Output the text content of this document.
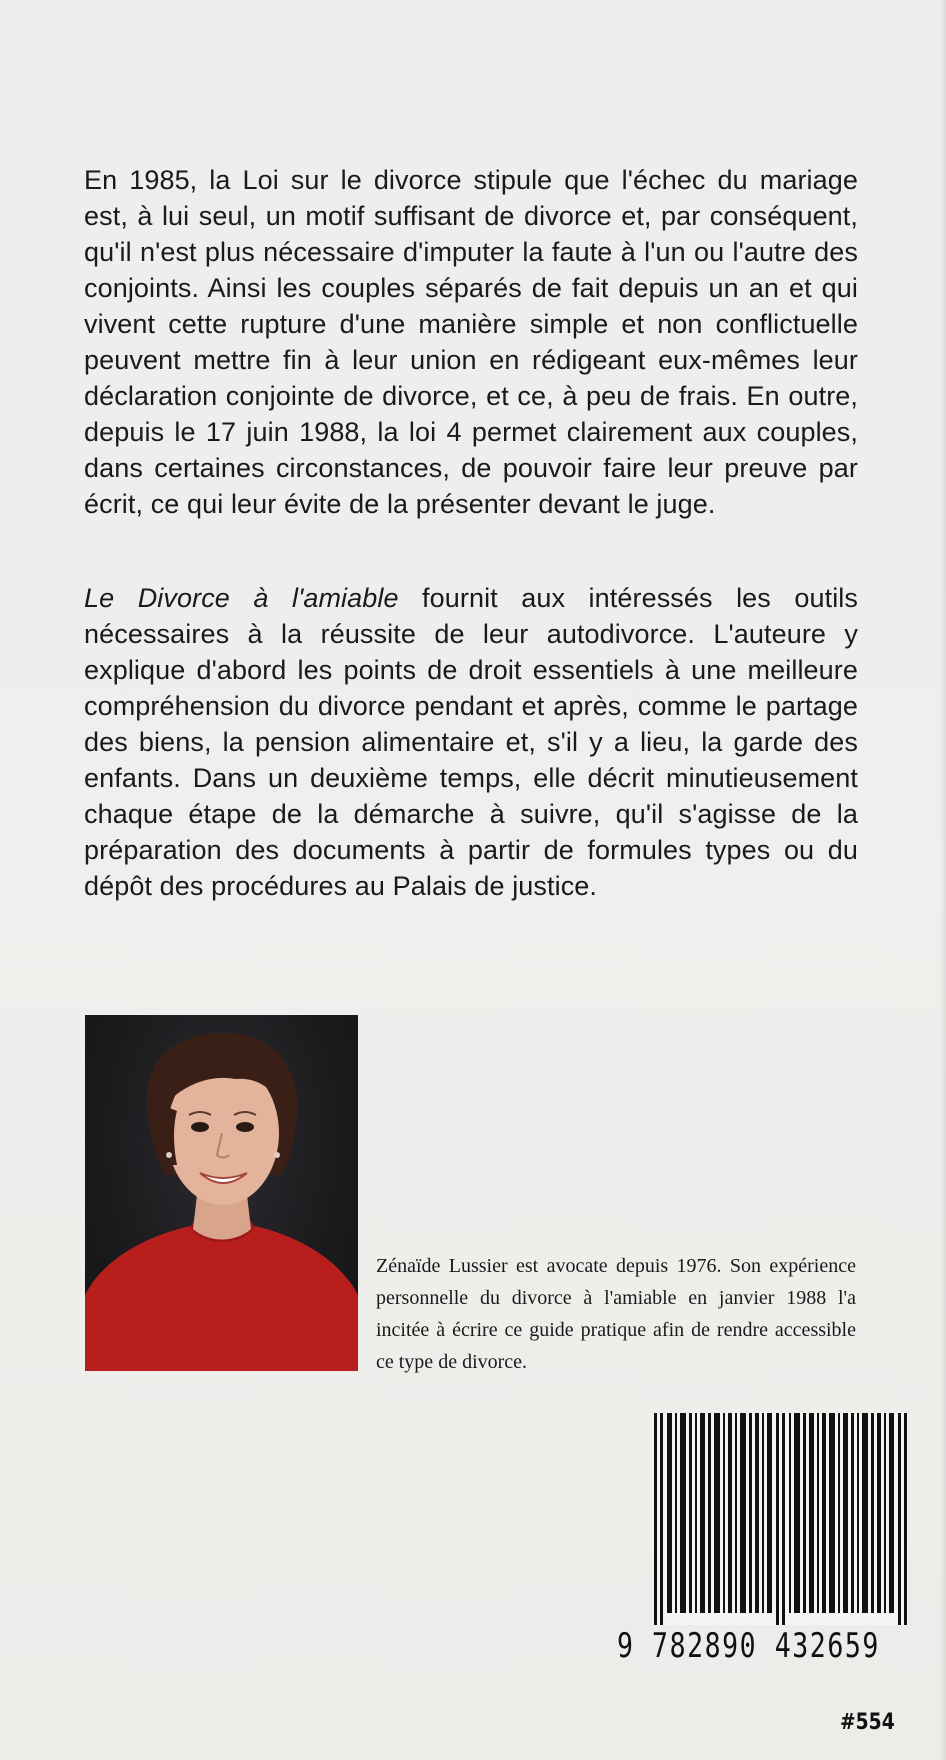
En 1985, la Loi sur le divorce stipule que l'échec du mariage est, à lui seul, un motif suffisant de divorce et, par conséquent, qu'il n'est plus nécessaire d'imputer la faute à l'un ou l'autre des conjoints. Ainsi les couples séparés de fait depuis un an et qui vivent cette rupture d'une manière simple et non conflictuelle peuvent mettre fin à leur union en rédigeant eux-mêmes leur déclaration conjointe de divorce, et ce, à peu de frais. En outre, depuis le 17 juin 1988, la loi 4 permet clairement aux couples, dans certaines circonstances, de pouvoir faire leur preuve par écrit, ce qui leur évite de la présenter devant le juge.

Le Divorce à l'amiable fournit aux intéressés les outils nécessaires à la réussite de leur autodivorce. L'auteure y explique d'abord les points de droit essentiels à une meilleure compréhension du divorce pendant et après, comme le partage des biens, la pension alimentaire et, s'il y a lieu, la garde des enfants. Dans un deuxième temps, elle décrit minutieusement chaque étape de la démarche à suivre, qu'il s'agisse de la préparation des documents à partir de formules types ou du dépôt des procédures au Palais de justice.

Zénaïde Lussier est avocate depuis 1976. Son expérience personnelle du divorce à l'amiable en janvier 1988 l'a incitée à écrire ce guide pratique afin de rendre accessible ce type de divorce.

9 782890 432659
#554
